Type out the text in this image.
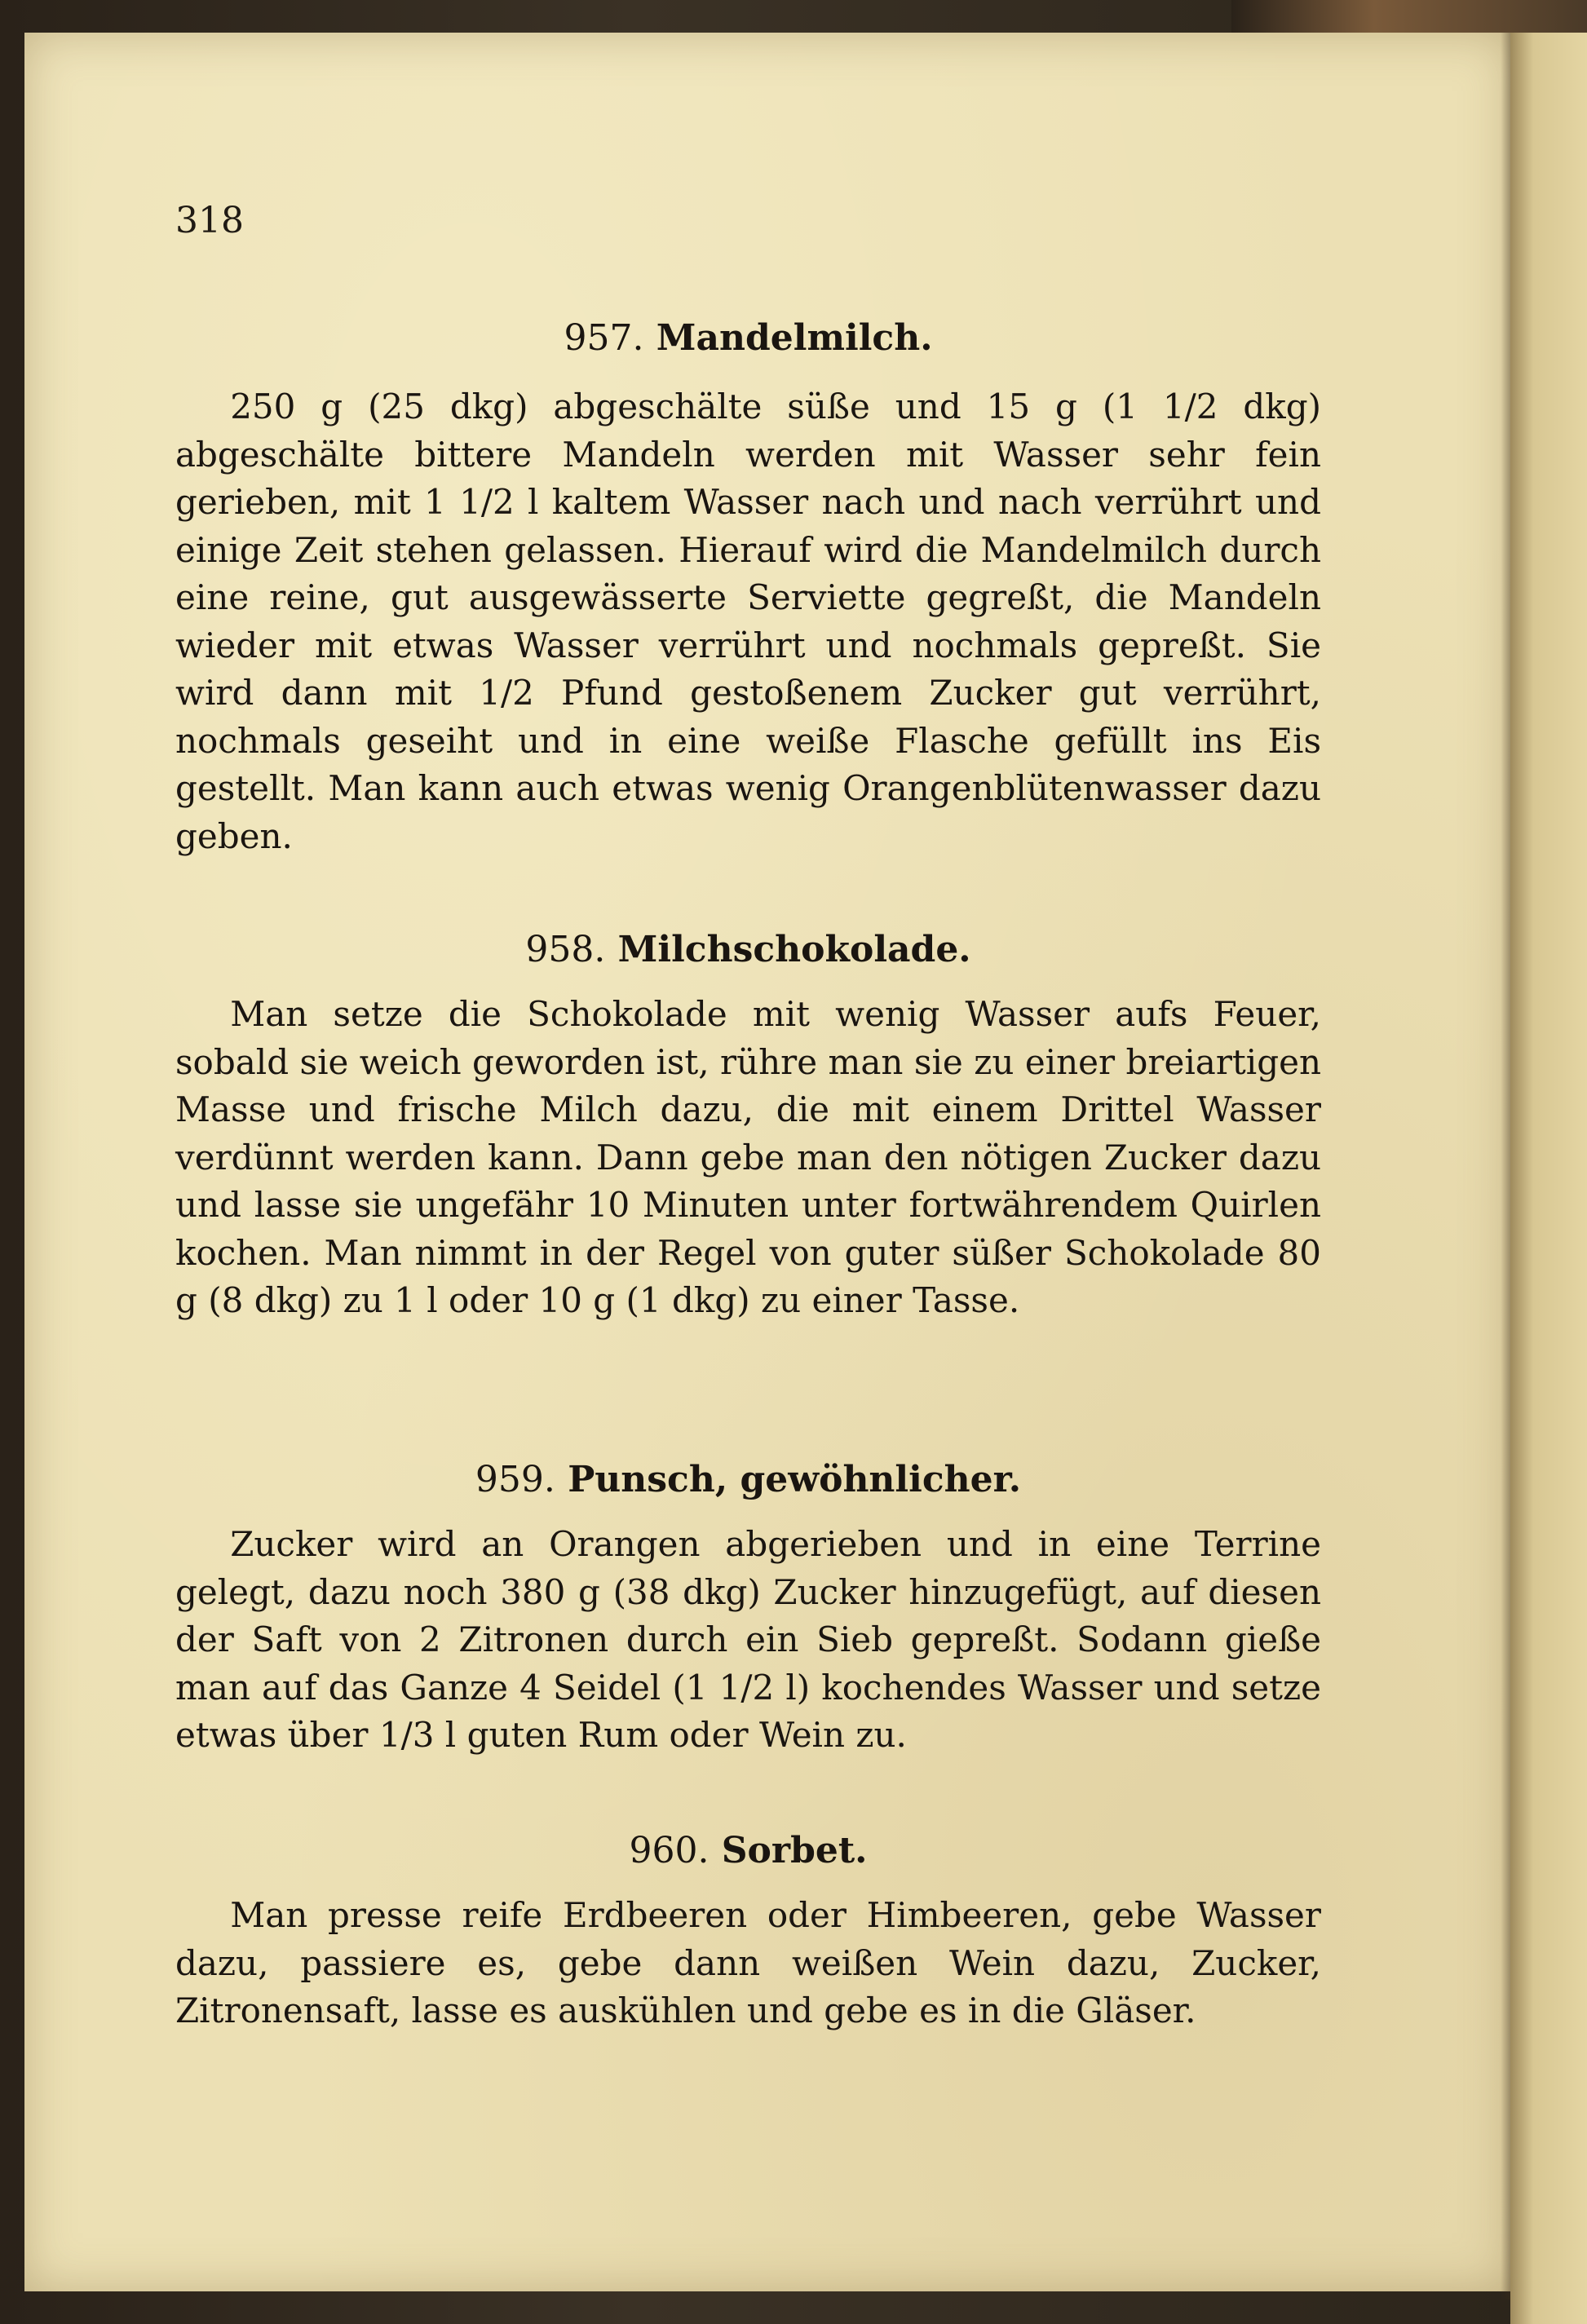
318

957. Mandelmilch.

250 g (25 dkg) abgeschälte süße und 15 g (1 1/2 dkg) abgeschälte bittere Mandeln werden mit Wasser sehr fein gerieben, mit 1 1/2 l kaltem Wasser nach und nach verrührt und einige Zeit stehen gelassen. Hierauf wird die Mandelmilch durch eine reine, gut ausgewässerte Serviette gegreßt, die Mandeln wieder mit etwas Wasser verrührt und nochmals gepreßt. Sie wird dann mit 1/2 Pfund gestoßenem Zucker gut verrührt, nochmals geseiht und in eine weiße Flasche gefüllt ins Eis gestellt. Man kann auch etwas wenig Orangenblütenwasser dazu geben.

958. Milchschokolade.

Man setze die Schokolade mit wenig Wasser aufs Feuer, sobald sie weich geworden ist, rühre man sie zu einer breiartigen Masse und frische Milch dazu, die mit einem Drittel Wasser verdünnt werden kann. Dann gebe man den nötigen Zucker dazu und lasse sie ungefähr 10 Minuten unter fortwährendem Quirlen kochen. Man nimmt in der Regel von guter süßer Schokolade 80 g (8 dkg) zu 1 l oder 10 g (1 dkg) zu einer Tasse.

959. Punsch, gewöhnlicher.

Zucker wird an Orangen abgerieben und in eine Terrine gelegt, dazu noch 380 g (38 dkg) Zucker hinzugefügt, auf diesen der Saft von 2 Zitronen durch ein Sieb gepreßt. Sodann gieße man auf das Ganze 4 Seidel (1 1/2 l) kochendes Wasser und setze etwas über 1/3 l guten Rum oder Wein zu.

960. Sorbet.

Man presse reife Erdbeeren oder Himbeeren, gebe Wasser dazu, passiere es, gebe dann weißen Wein dazu, Zucker, Zitronensaft, lasse es auskühlen und gebe es in die Gläser.
